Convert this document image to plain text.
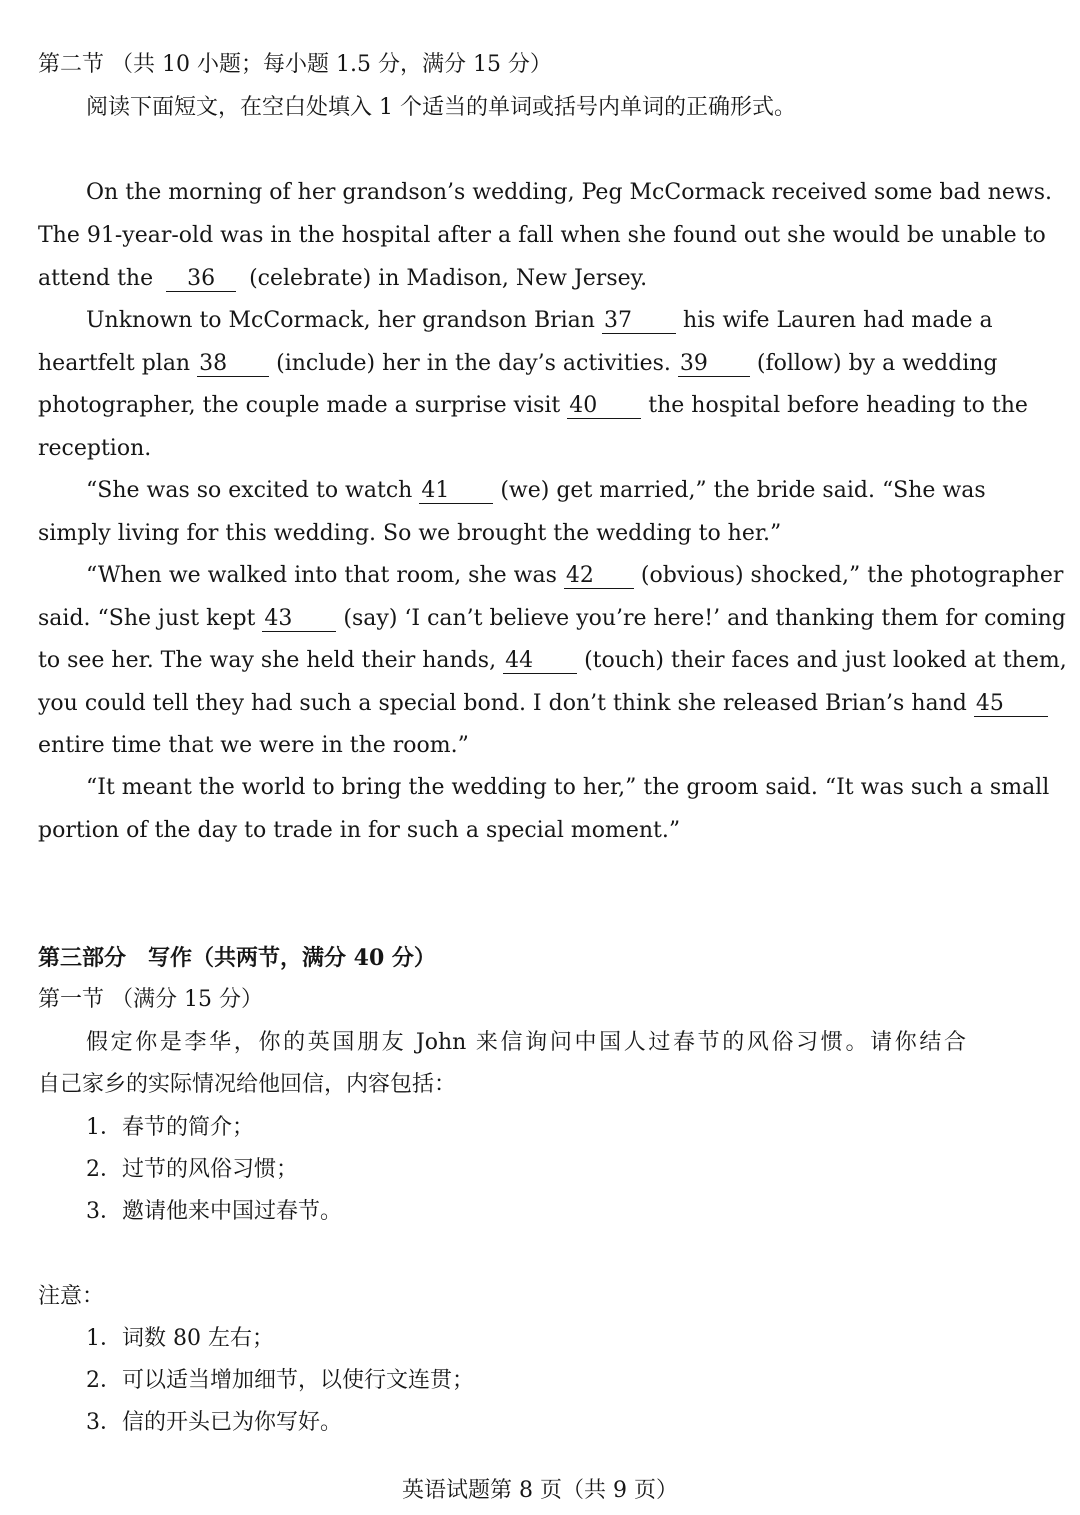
第二节 （共 10 小题；每小题 1.5 分，满分 15 分）
阅读下面短文，在空白处填入 1 个适当的单词或括号内单词的正确形式。
On the morning of her grandson’s wedding, Peg McCormack received some bad news.
The 91-year-old was in the hospital after a fall when she found out she would be unable to
attend the 36 (celebrate) in Madison, New Jersey.
Unknown to McCormack, her grandson Brian 37 his wife Lauren had made a
heartfelt plan 38 (include) her in the day’s activities. 39 (follow) by a wedding
photographer, the couple made a surprise visit 40 the hospital before heading to the
reception.
“She was so excited to watch 41 (we) get married,” the bride said. “She was
simply living for this wedding. So we brought the wedding to her.”
“When we walked into that room, she was 42 (obvious) shocked,” the photographer
said. “She just kept 43 (say) ‘I can’t believe you’re here!’ and thanking them for coming
to see her. The way she held their hands, 44 (touch) their faces and just looked at them,
you could tell they had such a special bond. I don’t think she released Brian’s hand 45
entire time that we were in the room.”
“It meant the world to bring the wedding to her,” the groom said. “It was such a small
portion of the day to trade in for such a special moment.”
第三部分　写作（共两节，满分 40 分）
第一节 （满分 15 分）
假定你是李华，你的英国朋友 John 来信询问中国人过春节的风俗习惯。请你结合
自己家乡的实际情况给他回信，内容包括：
1．春节的简介；
2．过节的风俗习惯；
3．邀请他来中国过春节。
注意：
1．词数 80 左右；
2．可以适当增加细节，以使行文连贯；
3．信的开头已为你写好。
英语试题第 8 页（共 9 页）
